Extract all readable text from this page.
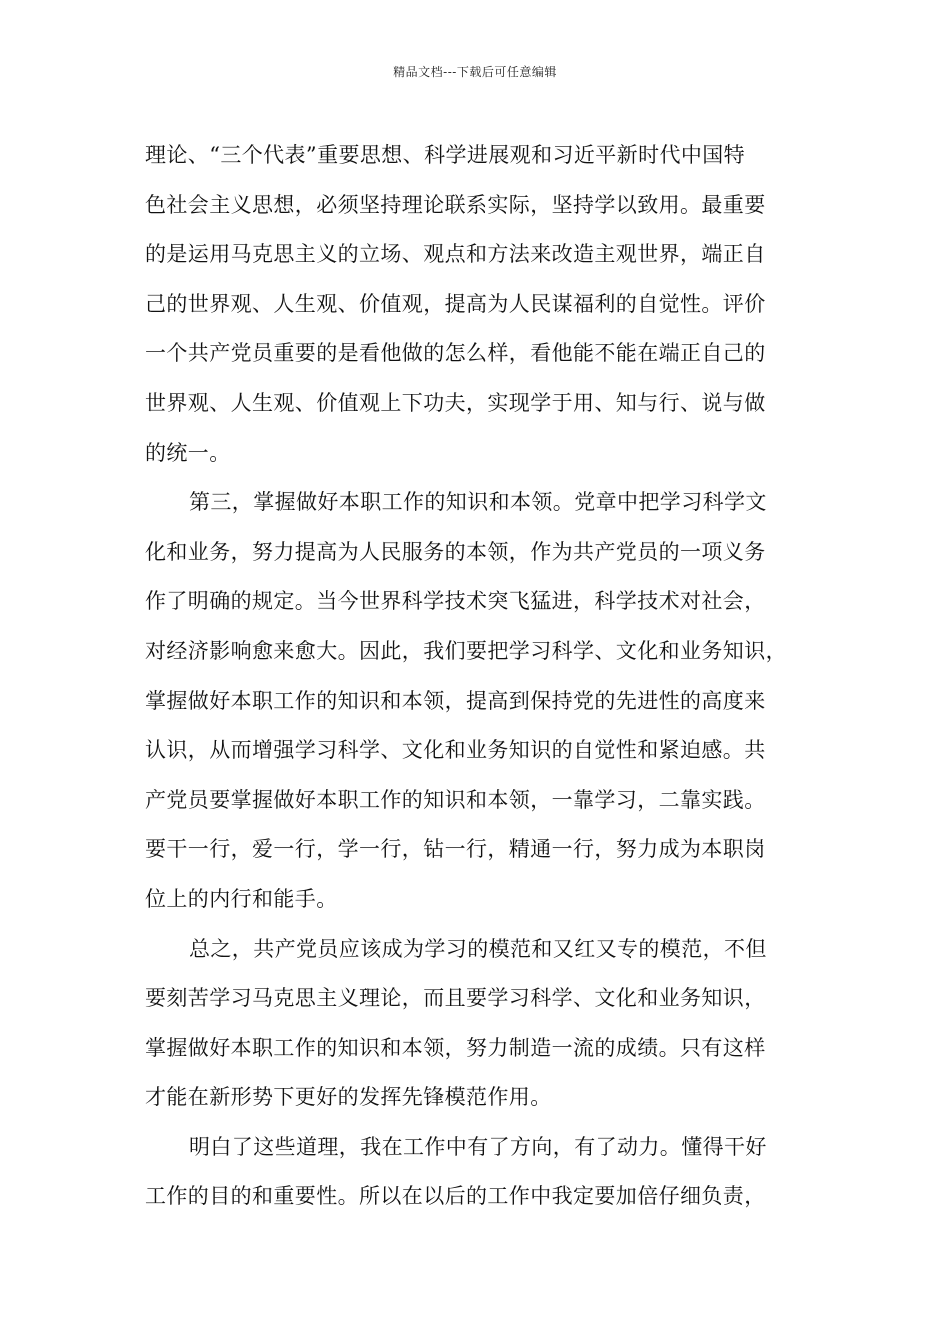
精品文档---下载后可任意编辑
理论、“三个代表”重要思想、科学进展观和习近平新时代中国特
色社会主义思想，必须坚持理论联系实际，坚持学以致用。最重要
的是运用马克思主义的立场、观点和方法来改造主观世界，端正自
己的世界观、人生观、价值观，提高为人民谋福利的自觉性。评价
一个共产党员重要的是看他做的怎么样，看他能不能在端正自己的
世界观、人生观、价值观上下功夫，实现学于用、知与行、说与做
的统一。
第三，掌握做好本职工作的知识和本领。党章中把学习科学文
化和业务，努力提高为人民服务的本领，作为共产党员的一项义务
作了明确的规定。当今世界科学技术突飞猛进，科学技术对社会，
对经济影响愈来愈大。因此，我们要把学习科学、文化和业务知识，
掌握做好本职工作的知识和本领，提高到保持党的先进性的高度来
认识，从而增强学习科学、文化和业务知识的自觉性和紧迫感。共
产党员要掌握做好本职工作的知识和本领，一靠学习，二靠实践。
要干一行，爱一行，学一行，钻一行，精通一行，努力成为本职岗
位上的内行和能手。
总之，共产党员应该成为学习的模范和又红又专的模范，不但
要刻苦学习马克思主义理论，而且要学习科学、文化和业务知识，
掌握做好本职工作的知识和本领，努力制造一流的成绩。只有这样
才能在新形势下更好的发挥先锋模范作用。
明白了这些道理，我在工作中有了方向，有了动力。懂得干好
工作的目的和重要性。所以在以后的工作中我定要加倍仔细负责，
